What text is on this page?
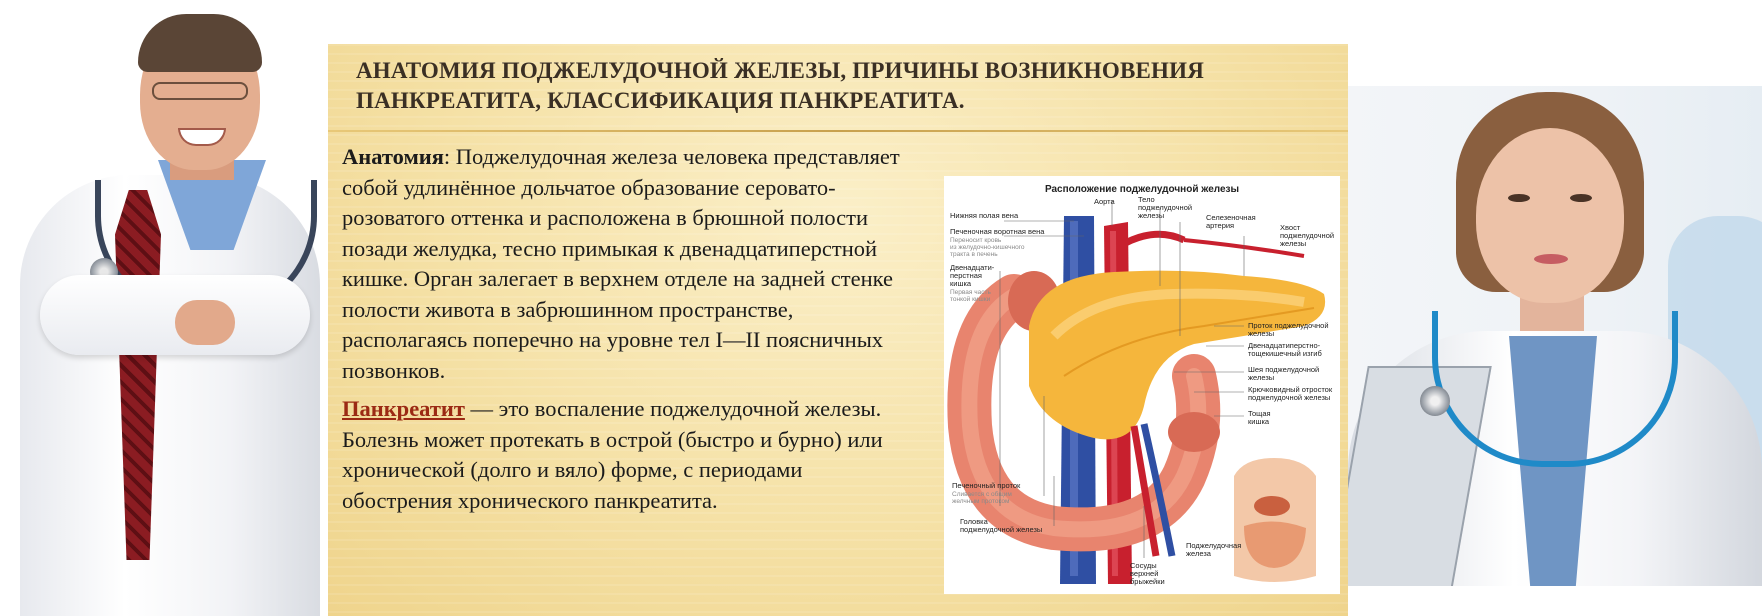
АНАТОМИЯ ПОДЖЕЛУДОЧНОЙ ЖЕЛЕЗЫ, ПРИЧИНЫ ВОЗНИКНОВЕНИЯ ПАНКРЕАТИТА, КЛАССИФИКАЦИЯ ПАНКРЕАТИТА.

Анатомия: Поджелудочная железа человека представляет собой удлинённое дольчатое образование серовато-розоватого оттенка и расположена в брюшной полости позади желудка, тесно примыкая к двенадцатиперстной кишке. Орган залегает в верхнем отделе на задней стенке полости живота в забрюшинном пространстве, располагаясь поперечно на уровне тел I—II поясничных позвонков.

Панкреатит — это воспаление поджелудочной железы. Болезнь может протекать в острой (быстро и бурно) или хронической (долго и вяло) форме, с периодами обострения хронического панкреатита.

Расположение поджелудочной железы
Нижняя полая вена
Аорта	Тело
поджелудочной
железы	Селезеночная
артерия	Хвост
поджелудочной
железы
Печеночная воротная вена
Переносит кровь
из желудочно-кишечного
тракта в печень
Двенадцати-
перстная
кишка
Первая часть
тонкой кишки
Проток поджелудочной
железы
Двенадцатиперстно-
тощекишечный изгиб
Шея поджелудочной
железы
Крючковидный отросток
поджелудочной железы
Тощая
кишка
Печеночный проток
Сливается с общим
желчным протоком
Головка
поджелудочной железы
Сосуды
верхней
брыжейки
Поджелудочная
железа
